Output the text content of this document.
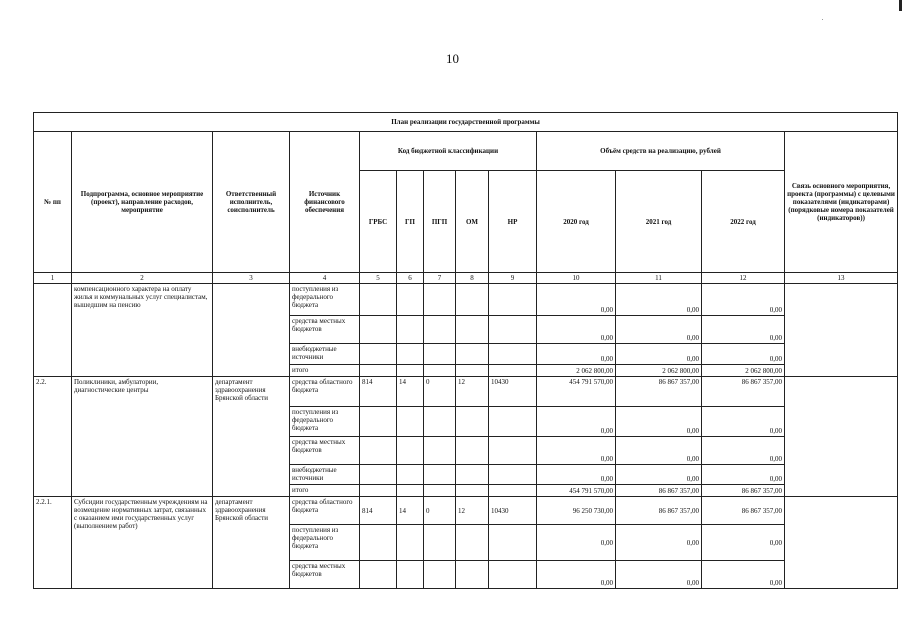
10
План реализации государственной программы												
№ пп	Подпрограмма, основное мероприятие (проект), направление расходов, мероприятие	Ответственный исполнитель, соисполнитель	Источник финансового обеспечения	Код бюджетной классификации					Объём средств на реализацию, рублей			Связь основного мероприятия, проекта (программы) с целевыми показателями (индикаторами) (порядковые номера показателей (индикаторов))
				ГРБС	ГП	ПГП	ОМ	НР	2020 год	2021 год	2022 год	
1	2	3	4	5	6	7	8	9	10	11	12	13
	компенсационного характера на оплату жилья и коммунальных услуг специалистам, вышедшим на пенсию		поступления из федерального бюджета						0,00	0,00	0,00	
			средства местных бюджетов						0,00	0,00	0,00	
			внебюджетные источники						0,00	0,00	0,00	
			итого						2 062 800,00	2 062 800,00	2 062 800,00	
2.2.	Поликлиники, амбулатории, диагностические центры	департамент здравоохранения Брянской области	средства областного бюджета	814	14	0	12	10430	454 791 570,00	86 867 357,00	86 867 357,00	
			поступления из федерального бюджета						0,00	0,00	0,00	
			средства местных бюджетов						0,00	0,00	0,00	
			внебюджетные источники						0,00	0,00	0,00	
			итого						454 791 570,00	86 867 357,00	86 867 357,00	
2.2.1.	Субсидии государственным учреждениям на возмещение нормативных затрат, связанных с оказанием ими государственных услуг (выполнением работ)	департамент здравоохранения Брянской области	средства областного бюджета	814	14	0	12	10430	96 250 730,00	86 867 357,00	86 867 357,00	
			поступления из федерального бюджета						0,00	0,00	0,00	
			средства местных бюджетов						0,00	0,00	0,00	
